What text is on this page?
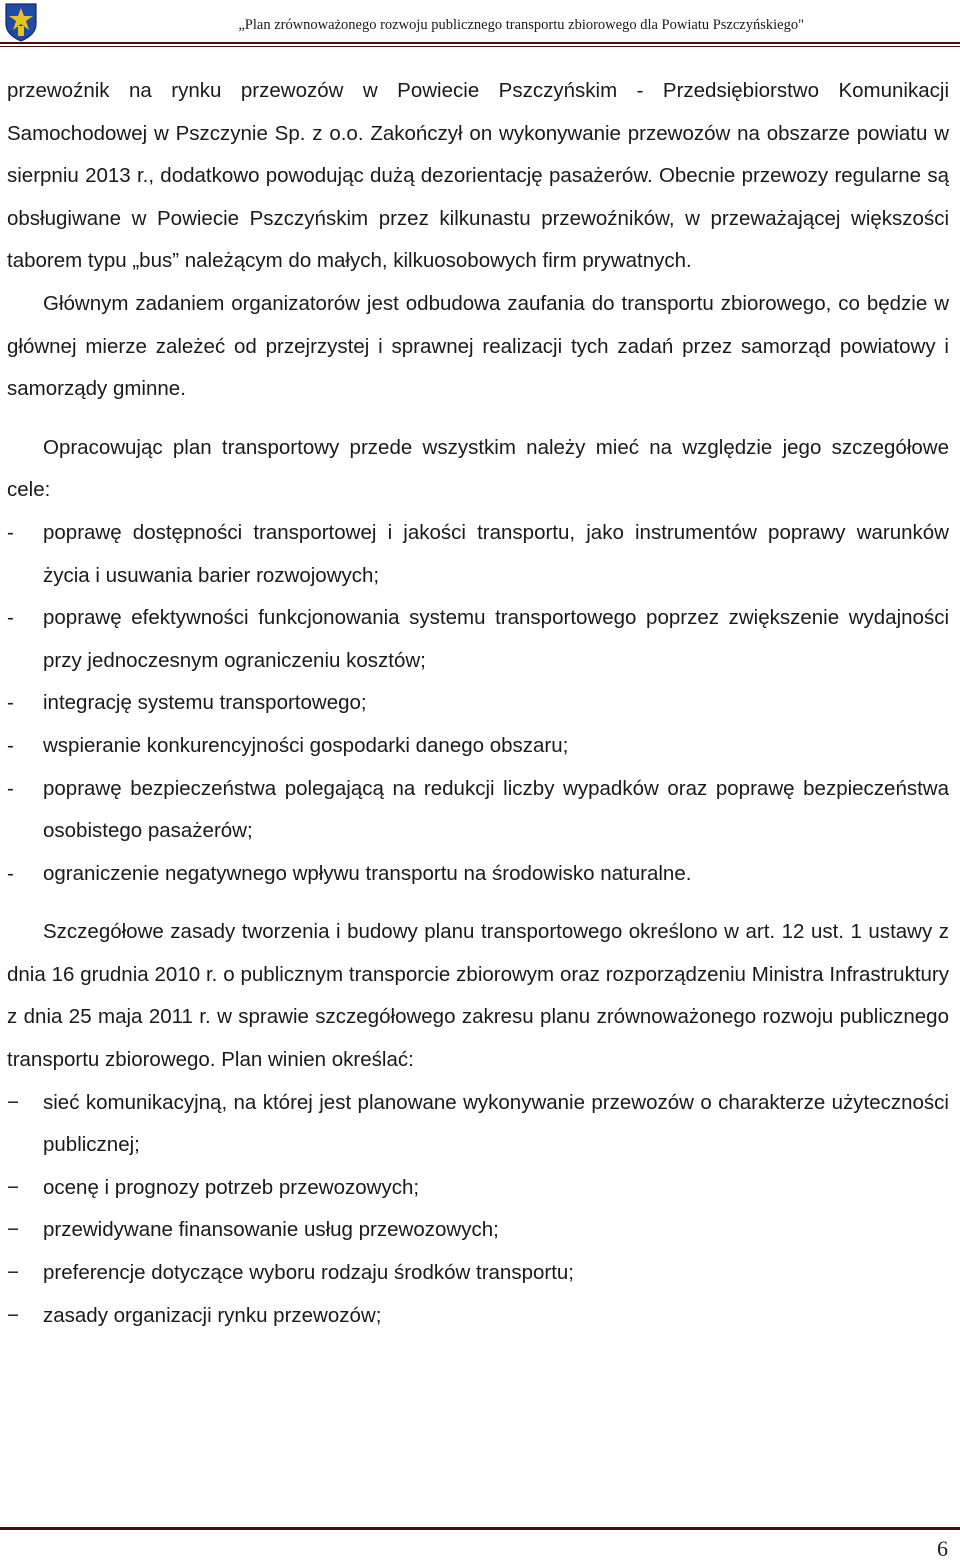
„Plan zrównoważonego rozwoju publicznego transportu zbiorowego dla Powiatu Pszczyńskiego"

przewoźnik na rynku przewozów w Powiecie Pszczyńskim - Przedsiębiorstwo Komunikacji Samochodowej w Pszczynie Sp. z o.o. Zakończył on wykonywanie przewozów na obszarze powiatu w sierpniu 2013 r., dodatkowo powodując dużą dezorientację pasażerów. Obecnie przewozy regularne są obsługiwane w Powiecie Pszczyńskim przez kilkunastu przewoźników, w przeważającej większości taborem typu „bus” należącym do małych, kilkuosobowych firm prywatnych.

Głównym zadaniem organizatorów jest odbudowa zaufania do transportu zbiorowego, co będzie w głównej mierze zależeć od przejrzystej i sprawnej realizacji tych zadań przez samorząd powiatowy i samorządy gminne.

Opracowując plan transportowy przede wszystkim należy mieć na względzie jego szczegółowe cele:

- poprawę dostępności transportowej i jakości transportu, jako instrumentów poprawy warunków życia i usuwania barier rozwojowych;
- poprawę efektywności funkcjonowania systemu transportowego poprzez zwiększenie wydajności przy jednoczesnym ograniczeniu kosztów;
- integrację systemu transportowego;
- wspieranie konkurencyjności gospodarki danego obszaru;
- poprawę bezpieczeństwa polegającą na redukcji liczby wypadków oraz poprawę bezpieczeństwa osobistego pasażerów;
- ograniczenie negatywnego wpływu transportu na środowisko naturalne.

Szczegółowe zasady tworzenia i budowy planu transportowego określono w art. 12 ust. 1 ustawy z dnia 16 grudnia 2010 r. o publicznym transporcie zbiorowym oraz rozporządzeniu Ministra Infrastruktury z dnia 25 maja 2011 r. w sprawie szczegółowego zakresu planu zrównoważonego rozwoju publicznego transportu zbiorowego. Plan winien określać:

− sieć komunikacyjną, na której jest planowane wykonywanie przewozów o charakterze użyteczności publicznej;
− ocenę i prognozy potrzeb przewozowych;
− przewidywane finansowanie usług przewozowych;
− preferencje dotyczące wyboru rodzaju środków transportu;
− zasady organizacji rynku przewozów;
6
